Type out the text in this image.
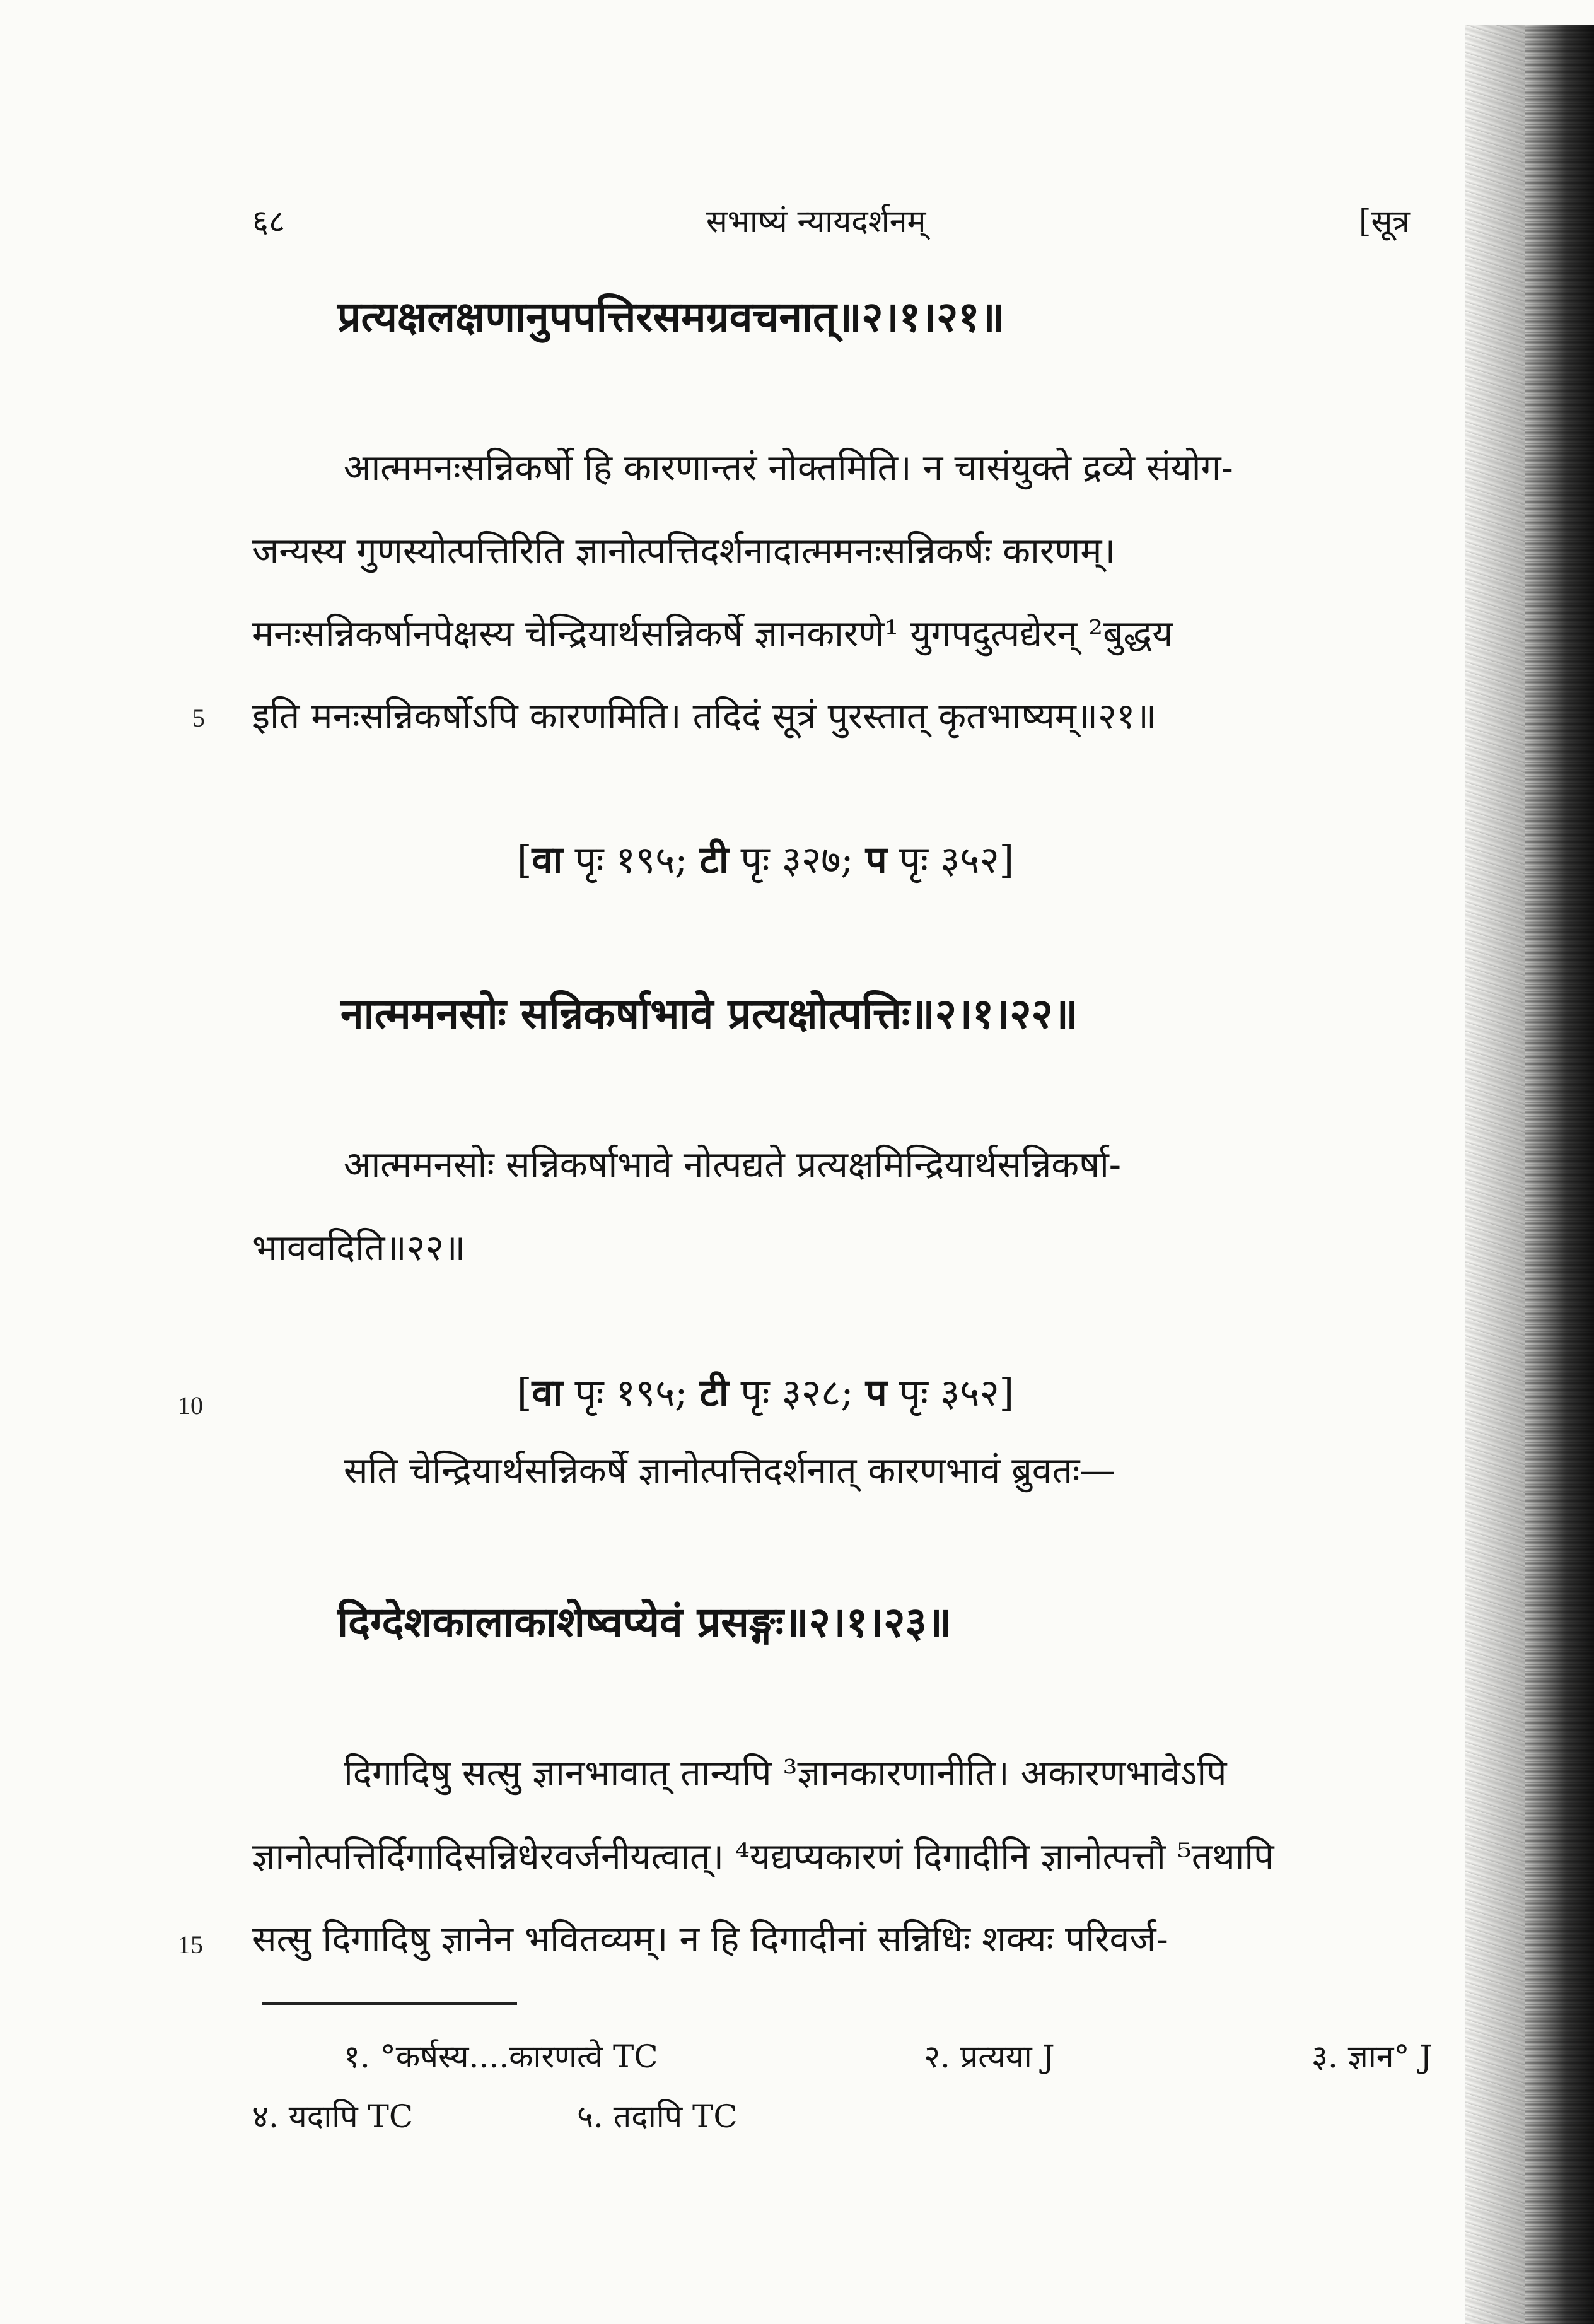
६८	सभाष्यं न्यायदर्शनम्	[सूत्र
प्रत्यक्षलक्षणानुपपत्तिरसमग्रवचनात्॥२।१।२१॥
आत्ममनःसन्निकर्षो हि कारणान्तरं नोक्तमिति। न चासंयुक्ते द्रव्ये संयोग-
जन्यस्य गुणस्योत्पत्तिरिति ज्ञानोत्पत्तिदर्शनादात्ममनःसन्निकर्षः कारणम्।
मनःसन्निकर्षानपेक्षस्य चेन्द्रियार्थसन्निकर्षे ज्ञानकारणे¹ युगपदुत्पद्येरन् ²बुद्धय
इति मनःसन्निकर्षोऽपि कारणमिति। तदिदं सूत्रं पुरस्तात् कृतभाष्यम्॥२१॥
5
[वा पृः १९५; टी पृः ३२७; प पृः ३५२]
नात्ममनसोः सन्निकर्षाभावे प्रत्यक्षोत्पत्तिः॥२।१।२२॥
आत्ममनसोः सन्निकर्षाभावे नोत्पद्यते प्रत्यक्षमिन्द्रियार्थसन्निकर्षा-
भाववदिति॥२२॥
[वा पृः १९५; टी पृः ३२८; प पृः ३५२]
10
सति चेन्द्रियार्थसन्निकर्षे ज्ञानोत्पत्तिदर्शनात् कारणभावं ब्रुवतः—
दिग्देशकालाकाशेष्वप्येवं प्रसङ्गः॥२।१।२३॥
दिगादिषु सत्सु ज्ञानभावात् तान्यपि ³ज्ञानकारणानीति। अकारणभावेऽपि
ज्ञानोत्पत्तिर्दिगादिसन्निधेरवर्जनीयत्वात्। ⁴यद्यप्यकारणं दिगादीनि ज्ञानोत्पत्तौ ⁵तथापि
सत्सु दिगादिषु ज्ञानेन भवितव्यम्। न हि दिगादीनां सन्निधिः शक्यः परिवर्ज-
15
१. °कर्षस्य....कारणत्वे TC	२. प्रत्यया J	३. ज्ञान° J
४. यदापि TC	५. तदापि TC
